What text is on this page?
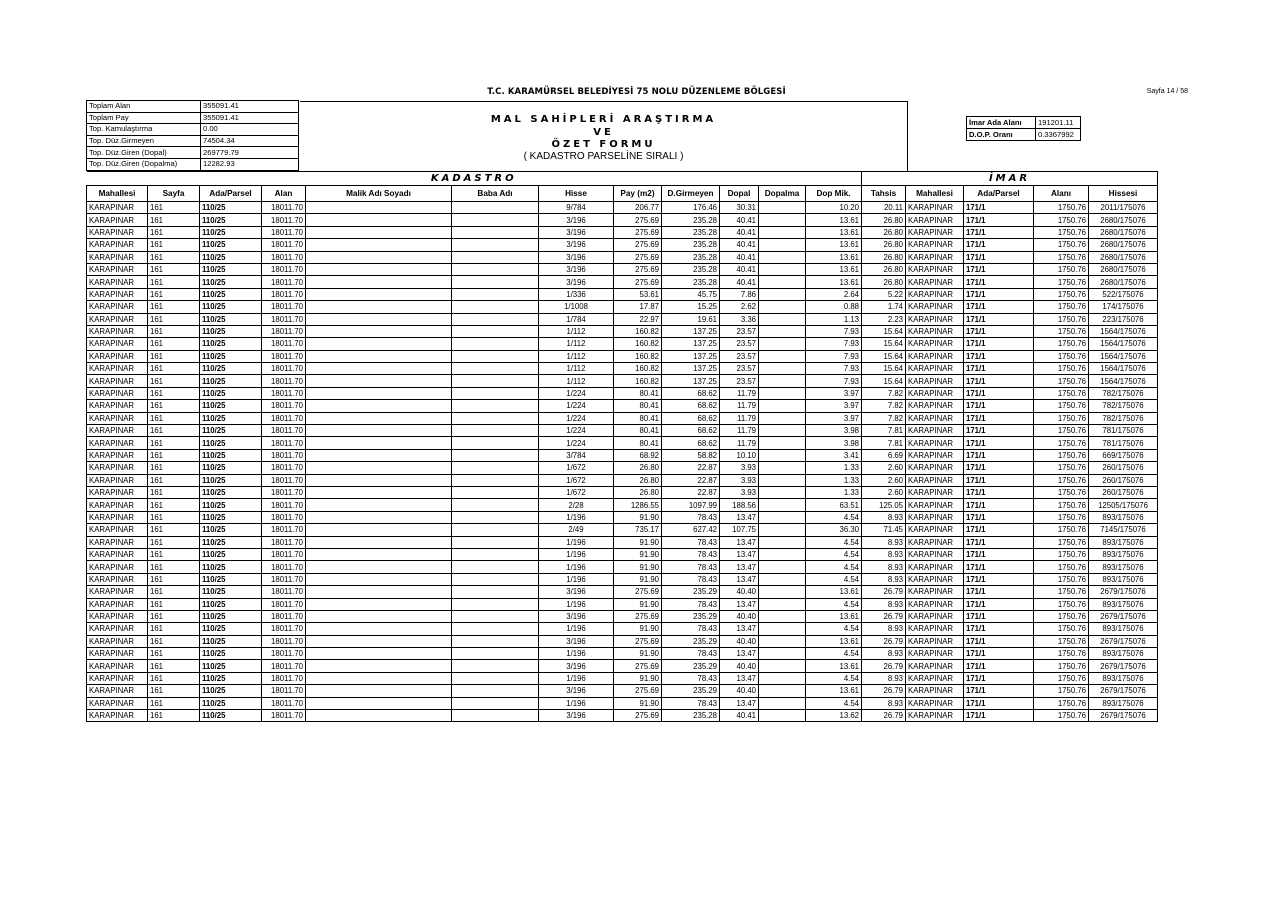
T.C. KARAMÜRSEL BELEDİYESİ 75 NOLU DÜZENLEME BÖLGESİ	Sayfa 14 / 58
Toplam Alan	355091.41
Toplam Pay	355091.41
Top. Kamulaştırma	0.00
Top. Düz.Girmeyen	74504.34
Top. Düz.Giren (Dopal)	269779.79
Top. Düz.Giren (Dopalma)	12282.93
MAL SAHİPLERİ ARAŞTIRMA
VE
ÖZET FORMU
( KADASTRO PARSELİNE SIRALI )
İmar Ada Alanı	191201.11
D.O.P. Oranı	0.3367992
KADASTRO												İMAR				
Mahallesi	Sayfa	Ada/Parsel	Alan	Malik Adı Soyadı	Baba Adı	Hisse	Pay (m2)	D.Girmeyen	Dopal	Dopalma	Dop Mik.	Tahsis	Mahallesi	Ada/Parsel	Alanı	Hissesi
KARAPINAR	161	110/25	18011.70			9/784	206.77	176.46	30.31		10.20	20.11	KARAPINAR	171/1	1750.76	2011/175076
KARAPINAR	161	110/25	18011.70			3/196	275.69	235.28	40.41		13.61	26.80	KARAPINAR	171/1	1750.76	2680/175076
KARAPINAR	161	110/25	18011.70			3/196	275.69	235.28	40.41		13.61	26.80	KARAPINAR	171/1	1750.76	2680/175076
KARAPINAR	161	110/25	18011.70			3/196	275.69	235.28	40.41		13.61	26.80	KARAPINAR	171/1	1750.76	2680/175076
KARAPINAR	161	110/25	18011.70			3/196	275.69	235.28	40.41		13.61	26.80	KARAPINAR	171/1	1750.76	2680/175076
KARAPINAR	161	110/25	18011.70			3/196	275.69	235.28	40.41		13.61	26.80	KARAPINAR	171/1	1750.76	2680/175076
KARAPINAR	161	110/25	18011.70			3/196	275.69	235.28	40.41		13.61	26.80	KARAPINAR	171/1	1750.76	2680/175076
KARAPINAR	161	110/25	18011.70			1/336	53.61	45.75	7.86		2.64	5.22	KARAPINAR	171/1	1750.76	522/175076
KARAPINAR	161	110/25	18011.70			1/1008	17.87	15.25	2.62		0.88	1.74	KARAPINAR	171/1	1750.76	174/175076
KARAPINAR	161	110/25	18011.70			1/784	22.97	19.61	3.36		1.13	2.23	KARAPINAR	171/1	1750.76	223/175076
KARAPINAR	161	110/25	18011.70			1/112	160.82	137.25	23.57		7.93	15.64	KARAPINAR	171/1	1750.76	1564/175076
KARAPINAR	161	110/25	18011.70			1/112	160.82	137.25	23.57		7.93	15.64	KARAPINAR	171/1	1750.76	1564/175076
KARAPINAR	161	110/25	18011.70			1/112	160.82	137.25	23.57		7.93	15.64	KARAPINAR	171/1	1750.76	1564/175076
KARAPINAR	161	110/25	18011.70			1/112	160.82	137.25	23.57		7.93	15.64	KARAPINAR	171/1	1750.76	1564/175076
KARAPINAR	161	110/25	18011.70			1/112	160.82	137.25	23.57		7.93	15.64	KARAPINAR	171/1	1750.76	1564/175076
KARAPINAR	161	110/25	18011.70			1/224	80.41	68.62	11.79		3.97	7.82	KARAPINAR	171/1	1750.76	782/175076
KARAPINAR	161	110/25	18011.70			1/224	80.41	68.62	11.79		3.97	7.82	KARAPINAR	171/1	1750.76	782/175076
KARAPINAR	161	110/25	18011.70			1/224	80.41	68.62	11.79		3.97	7.82	KARAPINAR	171/1	1750.76	782/175076
KARAPINAR	161	110/25	18011.70			1/224	80.41	68.62	11.79		3.98	7.81	KARAPINAR	171/1	1750.76	781/175076
KARAPINAR	161	110/25	18011.70			1/224	80.41	68.62	11.79		3.98	7.81	KARAPINAR	171/1	1750.76	781/175076
KARAPINAR	161	110/25	18011.70			3/784	68.92	58.82	10.10		3.41	6.69	KARAPINAR	171/1	1750.76	669/175076
KARAPINAR	161	110/25	18011.70			1/672	26.80	22.87	3.93		1.33	2.60	KARAPINAR	171/1	1750.76	260/175076
KARAPINAR	161	110/25	18011.70			1/672	26.80	22.87	3.93		1.33	2.60	KARAPINAR	171/1	1750.76	260/175076
KARAPINAR	161	110/25	18011.70			1/672	26.80	22.87	3.93		1.33	2.60	KARAPINAR	171/1	1750.76	260/175076
KARAPINAR	161	110/25	18011.70			2/28	1286.55	1097.99	188.56		63.51	125.05	KARAPINAR	171/1	1750.76	12505/175076
KARAPINAR	161	110/25	18011.70			1/196	91.90	78.43	13.47		4.54	8.93	KARAPINAR	171/1	1750.76	893/175076
KARAPINAR	161	110/25	18011.70			2/49	735.17	627.42	107.75		36.30	71.45	KARAPINAR	171/1	1750.76	7145/175076
KARAPINAR	161	110/25	18011.70			1/196	91.90	78.43	13.47		4.54	8.93	KARAPINAR	171/1	1750.76	893/175076
KARAPINAR	161	110/25	18011.70			1/196	91.90	78.43	13.47		4.54	8.93	KARAPINAR	171/1	1750.76	893/175076
KARAPINAR	161	110/25	18011.70			1/196	91.90	78.43	13.47		4.54	8.93	KARAPINAR	171/1	1750.76	893/175076
KARAPINAR	161	110/25	18011.70			1/196	91.90	78.43	13.47		4.54	8.93	KARAPINAR	171/1	1750.76	893/175076
KARAPINAR	161	110/25	18011.70			3/196	275.69	235.29	40.40		13.61	26.79	KARAPINAR	171/1	1750.76	2679/175076
KARAPINAR	161	110/25	18011.70			1/196	91.90	78.43	13.47		4.54	8.93	KARAPINAR	171/1	1750.76	893/175076
KARAPINAR	161	110/25	18011.70			3/196	275.69	235.29	40.40		13.61	26.79	KARAPINAR	171/1	1750.76	2679/175076
KARAPINAR	161	110/25	18011.70			1/196	91.90	78.43	13.47		4.54	8.93	KARAPINAR	171/1	1750.76	893/175076
KARAPINAR	161	110/25	18011.70			3/196	275.69	235.29	40.40		13.61	26.79	KARAPINAR	171/1	1750.76	2679/175076
KARAPINAR	161	110/25	18011.70			1/196	91.90	78.43	13.47		4.54	8.93	KARAPINAR	171/1	1750.76	893/175076
KARAPINAR	161	110/25	18011.70			3/196	275.69	235.29	40.40		13.61	26.79	KARAPINAR	171/1	1750.76	2679/175076
KARAPINAR	161	110/25	18011.70			1/196	91.90	78.43	13.47		4.54	8.93	KARAPINAR	171/1	1750.76	893/175076
KARAPINAR	161	110/25	18011.70			3/196	275.69	235.29	40.40		13.61	26.79	KARAPINAR	171/1	1750.76	2679/175076
KARAPINAR	161	110/25	18011.70			1/196	91.90	78.43	13.47		4.54	8.93	KARAPINAR	171/1	1750.76	893/175076
KARAPINAR	161	110/25	18011.70			3/196	275.69	235.28	40.41		13.62	26.79	KARAPINAR	171/1	1750.76	2679/175076
